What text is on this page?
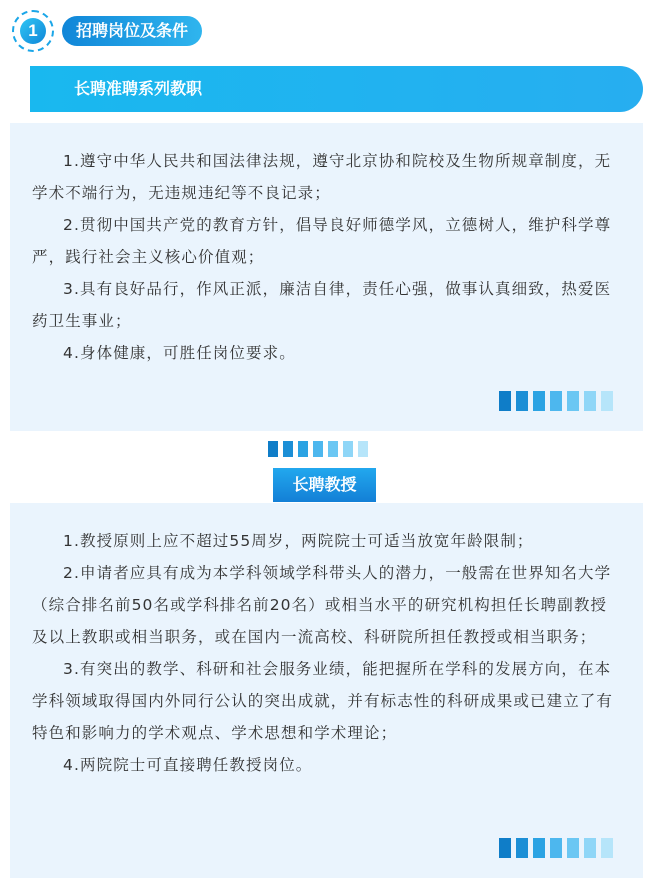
1	招聘岗位及条件
长聘准聘系列教职

1.遵守中华人民共和国法律法规，遵守北京协和院校及生物所规章制度，无学术不端行为，无违规违纪等不良记录；

2.贯彻中国共产党的教育方针，倡导良好师德学风，立德树人，维护科学尊严，践行社会主义核心价值观；

3.具有良好品行，作风正派，廉洁自律，责任心强，做事认真细致，热爱医药卫生事业；

4.身体健康，可胜任岗位要求。

长聘教授

1.教授原则上应不超过55周岁，两院院士可适当放宽年龄限制；

2.申请者应具有成为本学科领域学科带头人的潜力，一般需在世界知名大学（综合排名前50名或学科排名前20名）或相当水平的研究机构担任长聘副教授及以上教职或相当职务，或在国内一流高校、科研院所担任教授或相当职务；

3.有突出的教学、科研和社会服务业绩，能把握所在学科的发展方向，在本学科领域取得国内外同行公认的突出成就，并有标志性的科研成果或已建立了有特色和影响力的学术观点、学术思想和学术理论；

4.两院院士可直接聘任教授岗位。
